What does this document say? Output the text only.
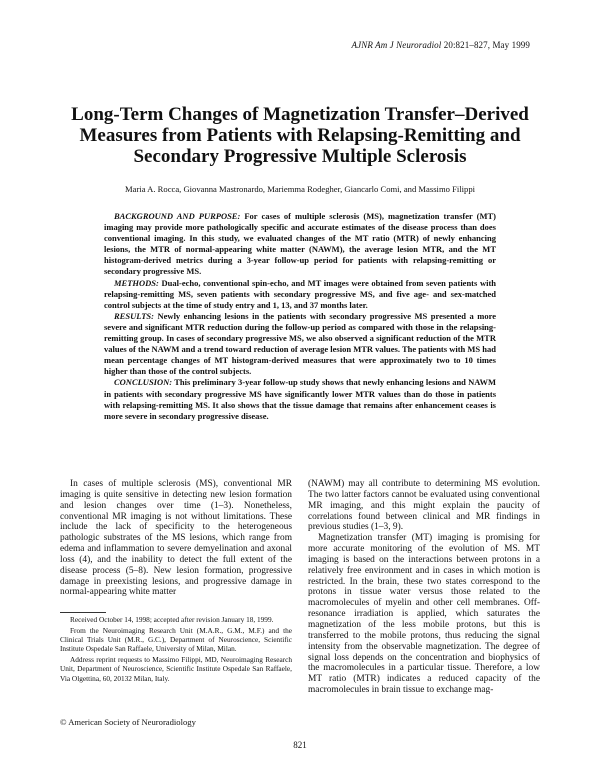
AJNR Am J Neuroradiol 20:821–827, May 1999
Long-Term Changes of Magnetization Transfer–Derived Measures from Patients with Relapsing-Remitting and Secondary Progressive Multiple Sclerosis
Maria A. Rocca, Giovanna Mastronardo, Mariemma Rodegher, Giancarlo Comi, and Massimo Filippi

BACKGROUND AND PURPOSE: For cases of multiple sclerosis (MS), magnetization transfer (MT) imaging may provide more pathologically specific and accurate estimates of the disease process than does conventional imaging. In this study, we evaluated changes of the MT ratio (MTR) of newly enhancing lesions, the MTR of normal-appearing white matter (NAWM), the average lesion MTR, and the MT histogram-derived metrics during a 3-year follow-up period for patients with relapsing-remitting or secondary progressive MS.

METHODS: Dual-echo, conventional spin-echo, and MT images were obtained from seven patients with relapsing-remitting MS, seven patients with secondary progressive MS, and five age- and sex-matched control subjects at the time of study entry and 1, 13, and 37 months later.

RESULTS: Newly enhancing lesions in the patients with secondary progressive MS presented a more severe and significant MTR reduction during the follow-up period as compared with those in the relapsing-remitting group. In cases of secondary progressive MS, we also observed a significant reduction of the MTR values of the NAWM and a trend toward reduction of average lesion MTR values. The patients with MS had mean percentage changes of MT histogram-derived measures that were approximately two to 10 times higher than those of the control subjects.

CONCLUSION: This preliminary 3-year follow-up study shows that newly enhancing lesions and NAWM in patients with secondary progressive MS have significantly lower MTR values than do those in patients with relapsing-remitting MS. It also shows that the tissue damage that remains after enhancement ceases is more severe in secondary progressive disease.

In cases of multiple sclerosis (MS), conventional MR imaging is quite sensitive in detecting new lesion formation and lesion changes over time (1–3). Nonetheless, conventional MR imaging is not without limitations. These include the lack of specificity to the heterogeneous pathologic substrates of the MS lesions, which range from edema and inflammation to severe demyelination and axonal loss (4), and the inability to detect the full extent of the disease process (5–8). New lesion formation, progressive damage in preexisting lesions, and progressive damage in normal-appearing white matter

(NAWM) may all contribute to determining MS evolution. The two latter factors cannot be evaluated using conventional MR imaging, and this might explain the paucity of correlations found between clinical and MR findings in previous studies (1–3, 9).

Magnetization transfer (MT) imaging is promising for more accurate monitoring of the evolution of MS. MT imaging is based on the interactions between protons in a relatively free environment and in cases in which motion is restricted. In the brain, these two states correspond to the protons in tissue water versus those related to the macromolecules of myelin and other cell membranes. Off-resonance irradiation is applied, which saturates the magnetization of the less mobile protons, but this is transferred to the mobile protons, thus reducing the signal intensity from the observable magnetization. The degree of signal loss depends on the concentration and biophysics of the macromolecules in a particular tissue. Therefore, a low MT ratio (MTR) indicates a reduced capacity of the macromolecules in brain tissue to exchange mag-

Received October 14, 1998; accepted after revision January 18, 1999.

From the Neuroimaging Research Unit (M.A.R., G.M., M.F.) and the Clinical Trials Unit (M.R., G.C.), Department of Neuroscience, Scientific Institute Ospedale San Raffaele, University of Milan, Milan.

Address reprint requests to Massimo Filippi, MD, Neuroimaging Research Unit, Department of Neuroscience, Scientific Institute Ospedale San Raffaele, Via Olgettina, 60, 20132 Milan, Italy.

© American Society of Neuroradiology
821
